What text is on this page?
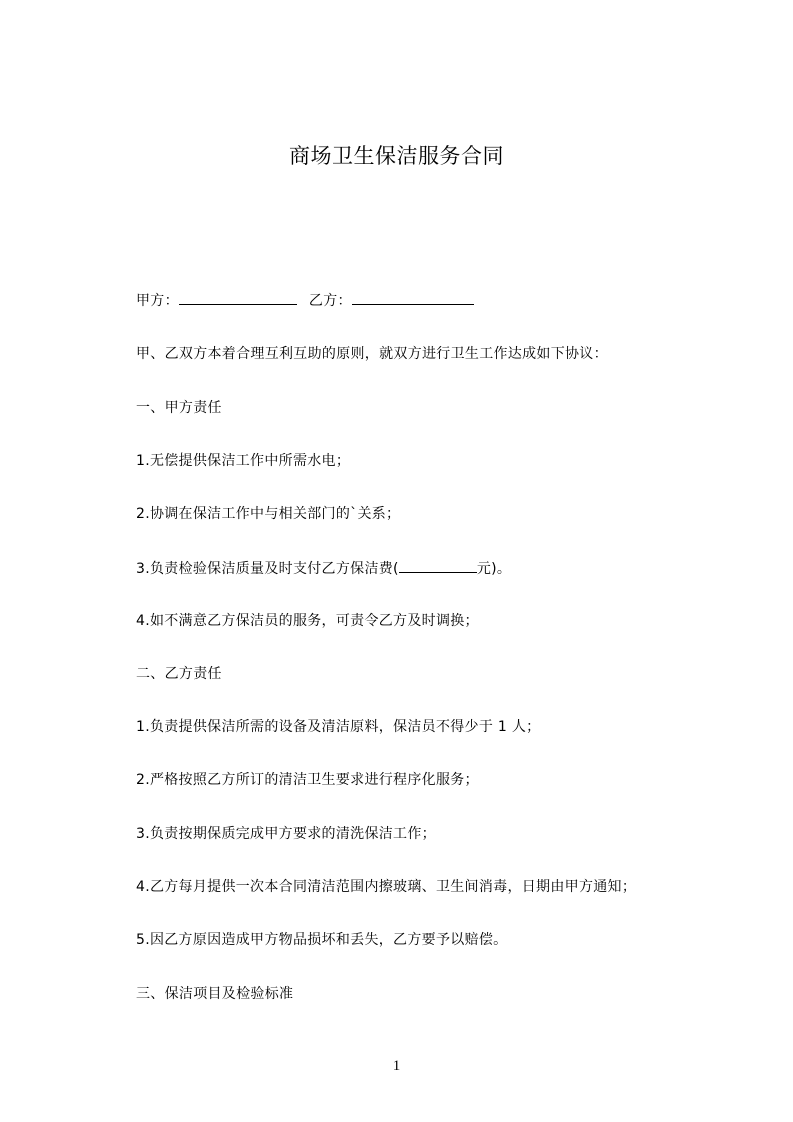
商场卫生保洁服务合同
甲方：	乙方：
甲、乙双方本着合理互利互助的原则，就双方进行卫生工作达成如下协议：
一、甲方责任
1.无偿提供保洁工作中所需水电；
2.协调在保洁工作中与相关部门的`关系；
3.负责检验保洁质量及时支付乙方保洁费(	元)。
4.如不满意乙方保洁员的服务，可责令乙方及时调换；
二、乙方责任
1.负责提供保洁所需的设备及清洁原料，保洁员不得少于 1 人；
2.严格按照乙方所订的清洁卫生要求进行程序化服务；
3.负责按期保质完成甲方要求的清洗保洁工作；
4.乙方每月提供一次本合同清洁范围内擦玻璃、卫生间消毒，日期由甲方通知；
5.因乙方原因造成甲方物品损坏和丢失，乙方要予以赔偿。
三、保洁项目及检验标准
1
